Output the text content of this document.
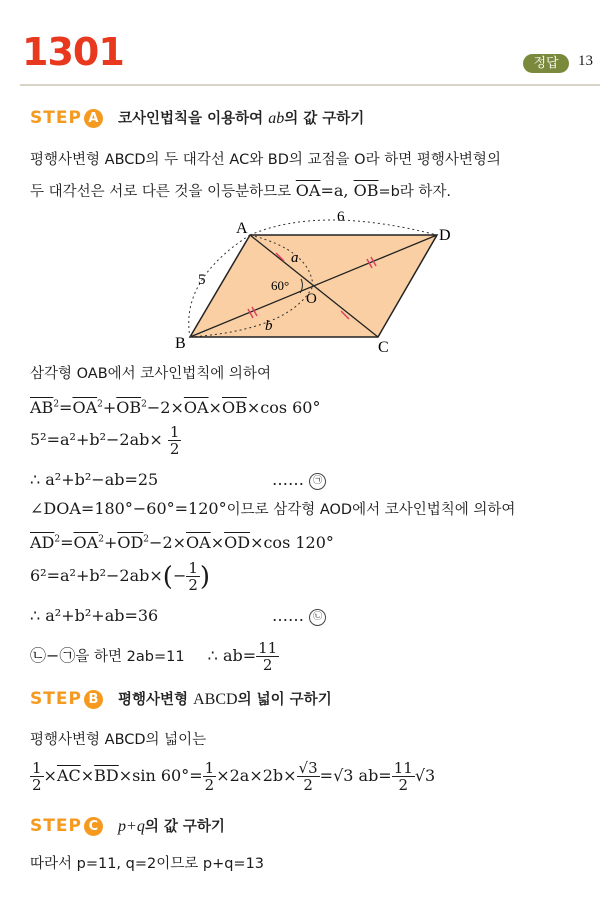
1301	정답	13
STEP A 코사인법칙을 이용하여 ab의 값 구하기
평행사변형 ABCD의 두 대각선 AC와 BD의 교점을 O라 하면 평행사변형의
두 대각선은 서로 다른 것을 이등분하므로 $\overline{OA}=a$, $\overline{OB}=b$라 하자.
A	D
B	C
O
6
5
a
b
60°
삼각형 OAB에서 코사인법칙에 의하여
$\overline{AB}^2=\overline{OA}^2+\overline{OB}^2-2\times\overline{OA}\times\overline{OB}\times\cos$ 60°
$5^2=a^2+b^2-2ab\times \frac{1}{2}$
∴ a²+b²−ab=25	…… ㉠
∠DOA=180°−60°=120°이므로 삼각형 AOD에서 코사인법칙에 의하여
$\overline{AD}^2=\overline{OA}^2+\overline{OD}^2-2\times\overline{OA}\times\overline{OD}\times\cos$ 120°
$6^2=a^2+b^2-2ab\times(- \frac{1}{2}$ )
∴ a²+b²+ab=36	…… ㉡
㉡−㉠을 하면 2ab=11 ∴ $ab= \frac{11}{2}$
STEP B 평행사변형 ABCD의 넓이 구하기
평행사변형 ABCD의 넓이는
$\frac{1}{2} \times\overline{AC}\times\overline{BD}\times\sin$ $60^\circ= \frac{1}{2} \times 2a\times 2b\times \frac{√3}{2} =√3$ $ab= \frac{11}{2} √3$
STEP C p+q의 값 구하기
따라서 p=11, q=2이므로 p+q=13
